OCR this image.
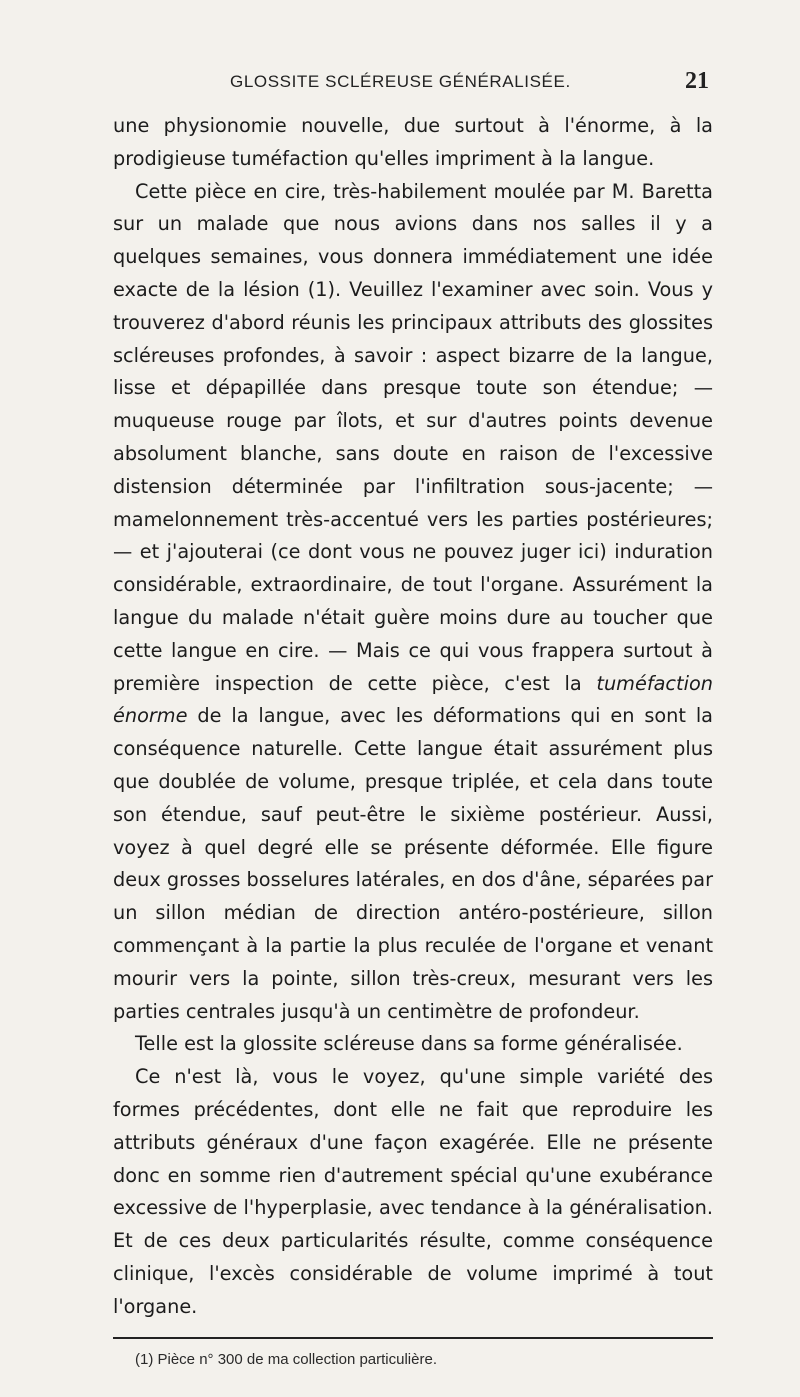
GLOSSITE SCLÉREUSE GÉNÉRALISÉE.	21

une physionomie nouvelle, due surtout à l'énorme, à la prodigieuse tuméfaction qu'elles impriment à la langue.

Cette pièce en cire, très-habilement moulée par M. Baretta sur un malade que nous avions dans nos salles il y a quelques semaines, vous donnera immédiatement une idée exacte de la lésion (1). Veuillez l'examiner avec soin. Vous y trouverez d'abord réunis les principaux attributs des glossites scléreuses profondes, à savoir : aspect bizarre de la langue, lisse et dépapillée dans presque toute son étendue; — muqueuse rouge par îlots, et sur d'autres points devenue absolument blanche, sans doute en raison de l'excessive distension déterminée par l'infiltration sous-jacente; — mamelonnement très-accentué vers les parties postérieures; — et j'ajouterai (ce dont vous ne pouvez juger ici) induration considérable, extraordinaire, de tout l'organe. Assurément la langue du malade n'était guère moins dure au toucher que cette langue en cire. — Mais ce qui vous frappera surtout à première inspection de cette pièce, c'est la tuméfaction énorme de la langue, avec les déformations qui en sont la conséquence naturelle. Cette langue était assurément plus que doublée de volume, presque triplée, et cela dans toute son étendue, sauf peut-être le sixième postérieur. Aussi, voyez à quel degré elle se présente déformée. Elle figure deux grosses bosselures latérales, en dos d'âne, séparées par un sillon médian de direction antéro-postérieure, sillon commençant à la partie la plus reculée de l'organe et venant mourir vers la pointe, sillon très-creux, mesurant vers les parties centrales jusqu'à un centimètre de profondeur.

Telle est la glossite scléreuse dans sa forme généralisée.

Ce n'est là, vous le voyez, qu'une simple variété des formes précédentes, dont elle ne fait que reproduire les attributs généraux d'une façon exagérée. Elle ne présente donc en somme rien d'autrement spécial qu'une exubérance excessive de l'hyperplasie, avec tendance à la généralisation. Et de ces deux particularités résulte, comme conséquence clinique, l'excès considérable de volume imprimé à tout l'organe.

(1) Pièce n° 300 de ma collection particulière.
